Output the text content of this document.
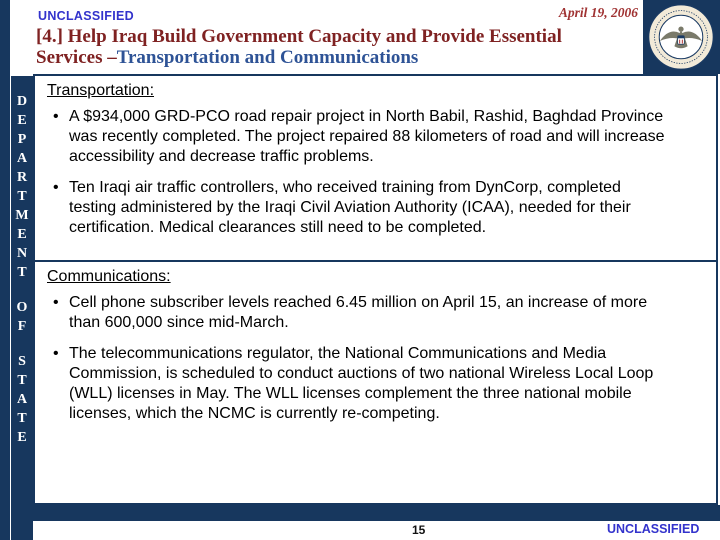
UNCLASSIFIED	April 19, 2006
[4.] Help Iraq Build Government Capacity and Provide Essential
Services –Transportation and Communications
D
E
P
A
R
T
M
E
N
T
O
F
S
T
A
T
E
Transportation:
•
A $934,000 GRD-PCO road repair project in North Babil, Rashid, Baghdad Province was recently completed. The project repaired 88 kilometers of road and will increase accessibility and decrease traffic problems.
•
Ten Iraqi air traffic controllers, who received training from DynCorp, completed testing administered by the Iraqi Civil Aviation Authority (ICAA), needed for their certification. Medical clearances still need to be completed.
Communications:
•
Cell phone subscriber levels reached 6.45 million on April 15, an increase of more than 600,000 since mid-March.
•
The telecommunications regulator, the National Communications and Media Commission, is scheduled to conduct auctions of two national Wireless Local Loop (WLL) licenses in May. The WLL licenses complement the three national mobile licenses, which the NCMC is currently re-competing.
15	UNCLASSIFIED
